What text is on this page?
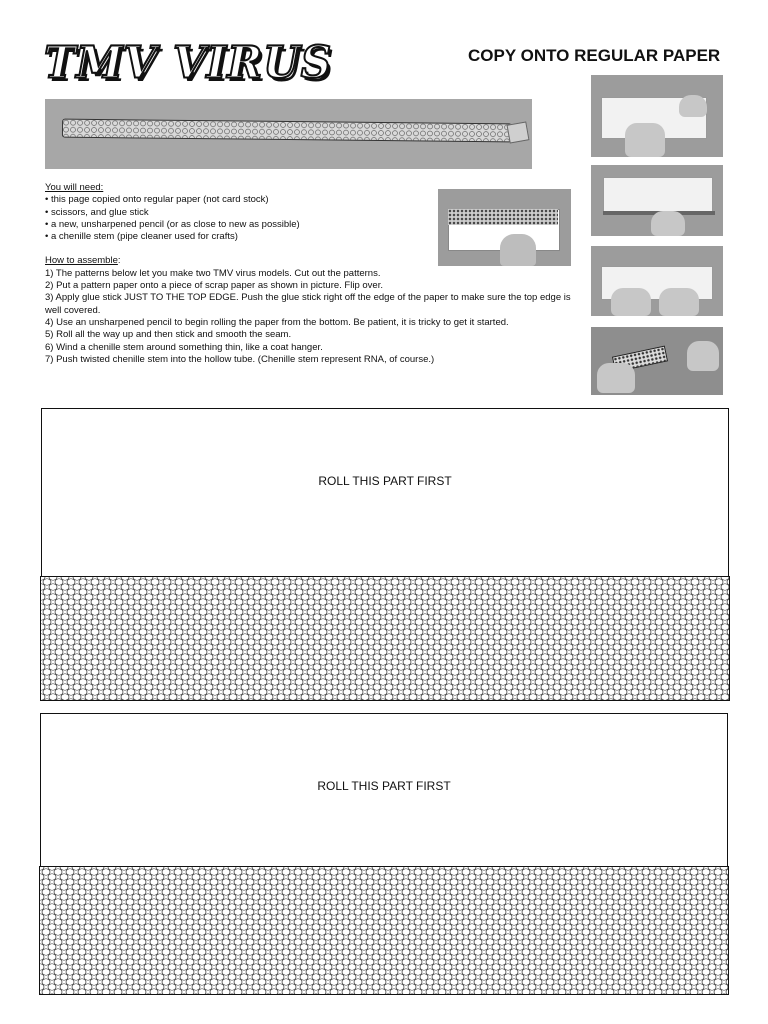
TMV VIRUS	COPY ONTO REGULAR PAPER
You will need:
• this page copied onto regular paper (not card stock)
• scissors, and glue stick
• a new, unsharpened pencil (or as close to new as possible)
• a chenille stem (pipe cleaner used for crafts)
How to assemble:
1) The patterns below let you make two TMV virus models. Cut out the patterns.
2) Put a pattern paper onto a piece of scrap paper as shown in picture. Flip over.
3) Apply glue stick JUST TO THE TOP EDGE. Push the glue stick right off the edge of the paper to make sure the top edge is well covered.
4) Use an unsharpened pencil to begin rolling the paper from the bottom. Be patient, it is tricky to get it started.
5) Roll all the way up and then stick and smooth the seam.
6) Wind a chenille stem around something thin, like a coat hanger.
7) Push twisted chenille stem into the hollow tube. (Chenille stem represent RNA, of course.)
ROLL THIS PART FIRST
ROLL THIS PART FIRST
